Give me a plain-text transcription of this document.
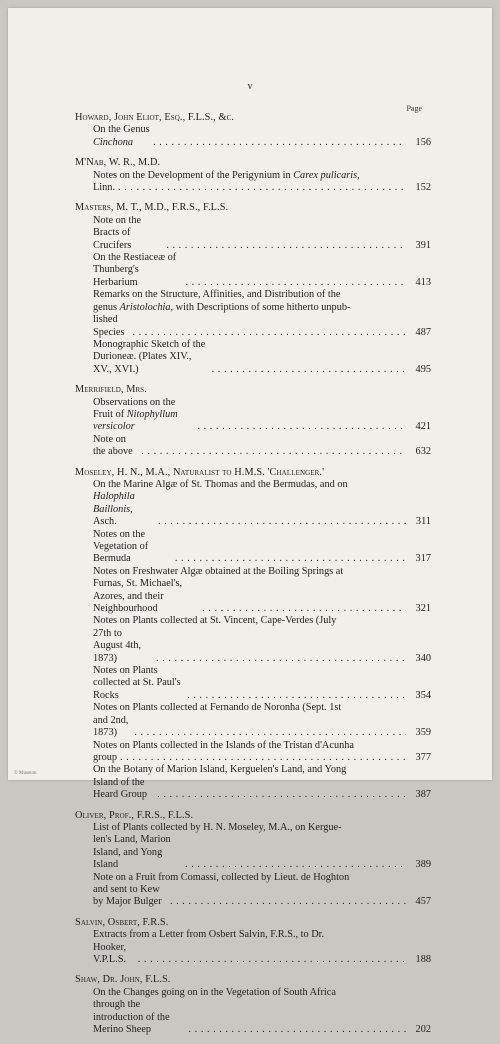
v
Page
Howard, John Eliot, Esq., F.L.S., &c.
On the Genus Cinchona . . .	156
M'Nab, W. R., M.D.
Notes on the Development of the Perigynium in Carex pulicaris,
Linn. . . .	152
Masters, M. T., M.D., F.R.S., F.L.S.
Note on the Bracts of Crucifers . . .	391
On the Restiaceæ of Thunberg's Herbarium . . .	413
Remarks on the Structure, Affinities, and Distribution of the
genus Aristolochia, with Descriptions of some hitherto unpub-
lished Species . . .	487
Monographic Sketch of the Durioneæ. (Plates XIV., XV., XVI.) . . .	495
Merrifield, Mrs.
Observations on the Fruit of Nitophyllum versicolor . . .	421
Note on the above . . .	632
Moseley, H. N., M.A., Naturalist to H.M.S. 'Challenger.'
On the Marine Algæ of St. Thomas and the Bermudas, and on
Halophila Baillonis, Asch. . . .	311
Notes on the Vegetation of Bermuda . . .	317
Notes on Freshwater Algæ obtained at the Boiling Springs at
Furnas, St. Michael's, Azores, and their Neighbourhood . . .	321
Notes on Plants collected at St. Vincent, Cape-Verdes (July
27th to August 4th, 1873) . . .	340
Notes on Plants collected at St. Paul's Rocks . . .	354
Notes on Plants collected at Fernando de Noronha (Sept. 1st
and 2nd, 1873) . . .	359
Notes on Plants collected in the Islands of the Tristan d'Acunha
group . . .	377
On the Botany of Marion Island, Kerguelen's Land, and Yong
Island of the Heard Group . . .	387
Oliver, Prof., F.R.S., F.L.S.
List of Plants collected by H. N. Moseley, M.A., on Kergue-
len's Land, Marion Island, and Yong Island . . .	389
Note on a Fruit from Comassi, collected by Lieut. de Hoghton
and sent to Kew by Major Bulger . . .	457
Salvin, Osbert, F.R.S.
Extracts from a Letter from Osbert Salvin, F.R.S., to Dr.
Hooker, V.P.L.S. . . .	188
Shaw, Dr. John, F.L.S.
On the Changes going on in the Vegetation of South Africa
through the introduction of the Merino Sheep . . .	202
© Museum
